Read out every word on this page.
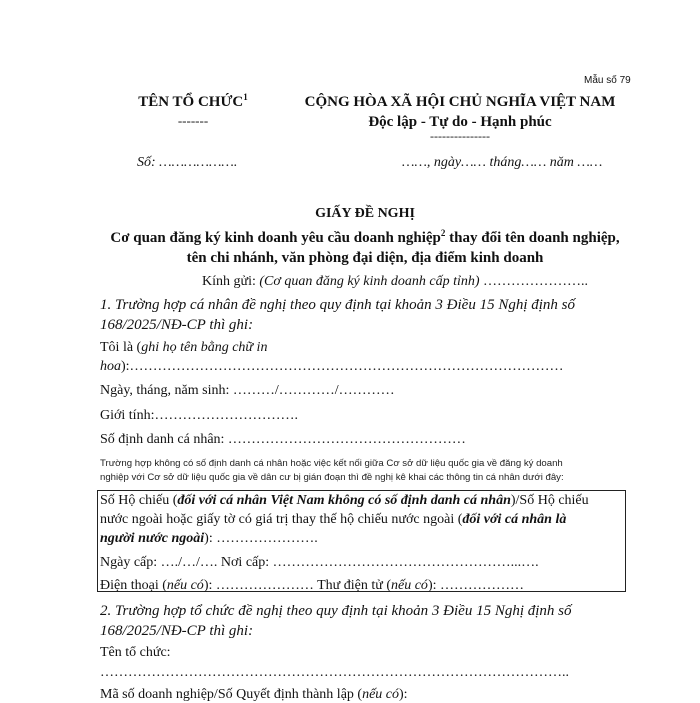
Mẫu số 79
TÊN TỔ CHỨC$^1$
-------
CỘNG HÒA XÃ HỘI CHỦ NGHĨA VIỆT NAM
Độc lập - Tự do - Hạnh phúc
---------------
Số: ……………….	……, ngày…… tháng…… năm ……
GIẤY ĐỀ NGHỊ
Cơ quan đăng ký kinh doanh yêu cầu doanh nghiệp$^2$ thay đổi tên doanh nghiệp,
tên chi nhánh, văn phòng đại diện, địa điểm kinh doanh
Kính gửi: (Cơ quan đăng ký kinh doanh cấp tỉnh) …………………..
1. Trường hợp cá nhân đề nghị theo quy định tại khoản 3 Điều 15 Nghị định số
168/2025/NĐ-CP thì ghi:
Tôi là (ghi họ tên bằng chữ in
hoa):…………………………………………………………………………………
Ngày, tháng, năm sinh: ………/…………/…………
Giới tính:………………………….
Số định danh cá nhân: ……………………………………………
Trường hợp không có số định danh cá nhân hoặc việc kết nối giữa Cơ sở dữ liệu quốc gia về đăng ký doanh
nghiệp với Cơ sở dữ liệu quốc gia về dân cư bị gián đoạn thì đề nghị kê khai các thông tin cá nhân dưới đây:
Số Hộ chiếu (đối với cá nhân Việt Nam không có số định danh cá nhân)/Số Hộ chiếu
nước ngoài hoặc giấy tờ có giá trị thay thế hộ chiếu nước ngoài (đối với cá nhân là
người nước ngoài): ………………….
Ngày cấp: …./…/…. Nơi cấp: ……………………………………………...….
Điện thoại (nếu có): ………………… Thư điện tử (nếu có): ………………
2. Trường hợp tổ chức đề nghị theo quy định tại khoản 3 Điều 15 Nghị định số
168/2025/NĐ-CP thì ghi:
Tên tổ chức:
………………………………………………………………………………………..
Mã số doanh nghiệp/Số Quyết định thành lập (nếu có):
